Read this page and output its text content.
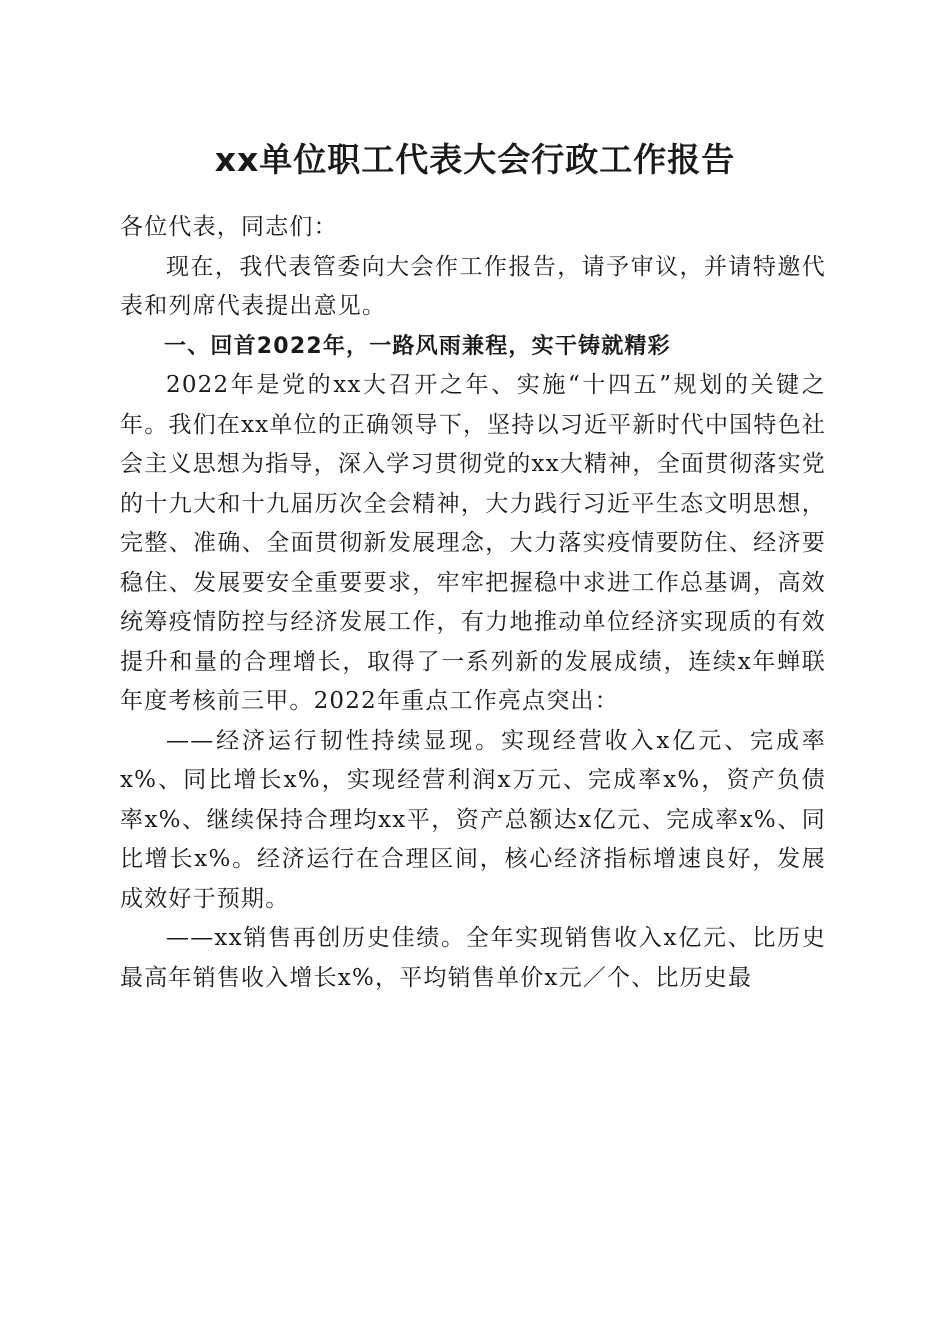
xx单位职工代表大会行政工作报告

各位代表，同志们：

现在，我代表管委向大会作工作报告，请予审议，并请特邀代表和列席代表提出意见。

一、回首2022年，一路风雨兼程，实干铸就精彩

2022年是党的xx大召开之年、实施“十四五”规划的关键之年。我们在xx单位的正确领导下，坚持以习近平新时代中国特色社会主义思想为指导，深入学习贯彻党的xx大精神，全面贯彻落实党的十九大和十九届历次全会精神，大力践行习近平生态文明思想，完整、准确、全面贯彻新发展理念，大力落实疫情要防住、经济要稳住、发展要安全重要要求，牢牢把握稳中求进工作总基调，高效统筹疫情防控与经济发展工作，有力地推动单位经济实现质的有效提升和量的合理增长，取得了一系列新的发展成绩，连续x年蝉联年度考核前三甲。2022年重点工作亮点突出：

——经济运行韧性持续显现。实现经营收入x亿元、完成率x%、同比增长x%，实现经营利润x万元、完成率x%，资产负债率x%、继续保持合理均xx平，资产总额达x亿元、完成率x%、同比增长x%。经济运行在合理区间，核心经济指标增速良好，发展成效好于预期。

——xx销售再创历史佳绩。全年实现销售收入x亿元、比历史最高年销售收入增长x%，平均销售单价x元／个、比历史最
